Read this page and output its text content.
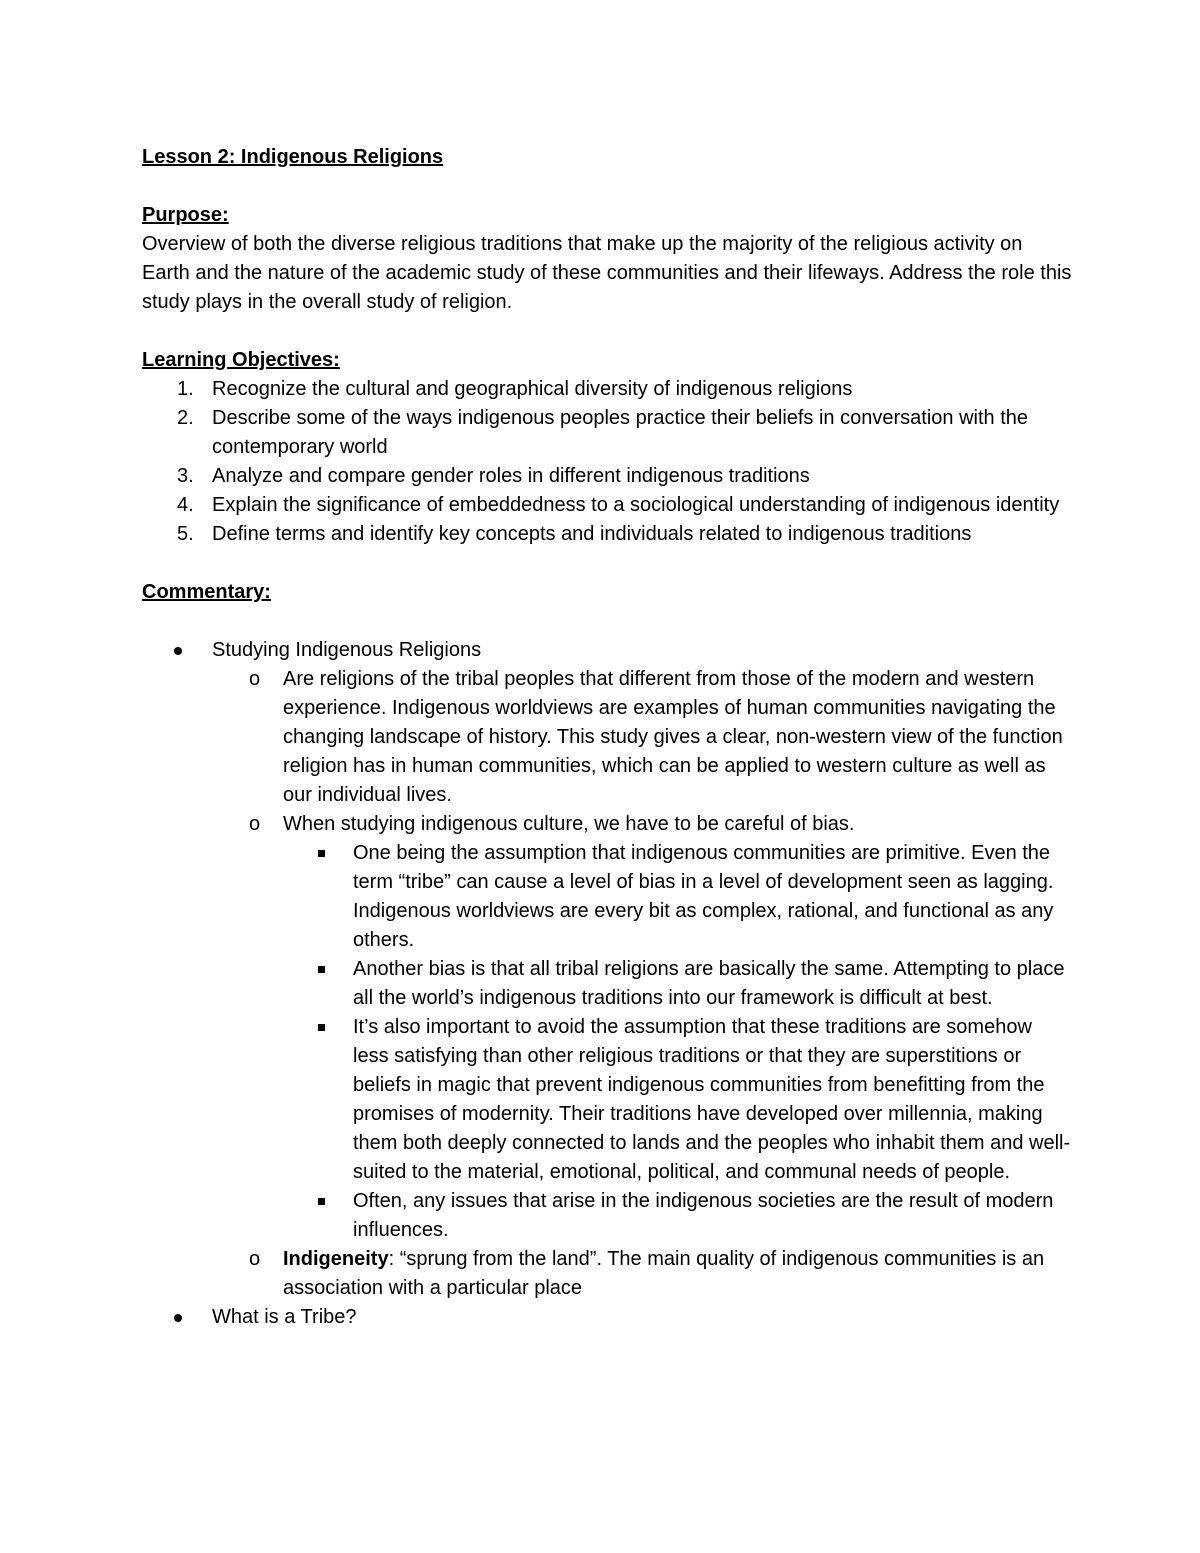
Lesson 2: Indigenous Religions

Purpose:

Overview of both the diverse religious traditions that make up the majority of the religious activity on Earth and the nature of the academic study of these communities and their lifeways. Address the role this study plays in the overall study of religion.

Learning Objectives:

1. Recognize the cultural and geographical diversity of indigenous religions
2. Describe some of the ways indigenous peoples practice their beliefs in conversation with the contemporary world
3. Analyze and compare gender roles in different indigenous traditions
4. Explain the significance of embeddedness to a sociological understanding of indigenous identity
5. Define terms and identify key concepts and individuals related to indigenous traditions

Commentary:

Studying Indigenous Religions
o Are religions of the tribal peoples that different from those of the modern and western experience. Indigenous worldviews are examples of human communities navigating the changing landscape of history. This study gives a clear, non-western view of the function religion has in human communities, which can be applied to western culture as well as our individual lives.
o When studying indigenous culture, we have to be careful of bias.
One being the assumption that indigenous communities are primitive. Even the term “tribe” can cause a level of bias in a level of development seen as lagging. Indigenous worldviews are every bit as complex, rational, and functional as any others.
Another bias is that all tribal religions are basically the same. Attempting to place all the world’s indigenous traditions into our framework is difficult at best.
It’s also important to avoid the assumption that these traditions are somehow less satisfying than other religious traditions or that they are superstitions or beliefs in magic that prevent indigenous communities from benefitting from the promises of modernity. Their traditions have developed over millennia, making them both deeply connected to lands and the peoples who inhabit them and well-suited to the material, emotional, political, and communal needs of people.
Often, any issues that arise in the indigenous societies are the result of modern influences.
o Indigeneity: “sprung from the land”. The main quality of indigenous communities is an association with a particular place
What is a Tribe?
